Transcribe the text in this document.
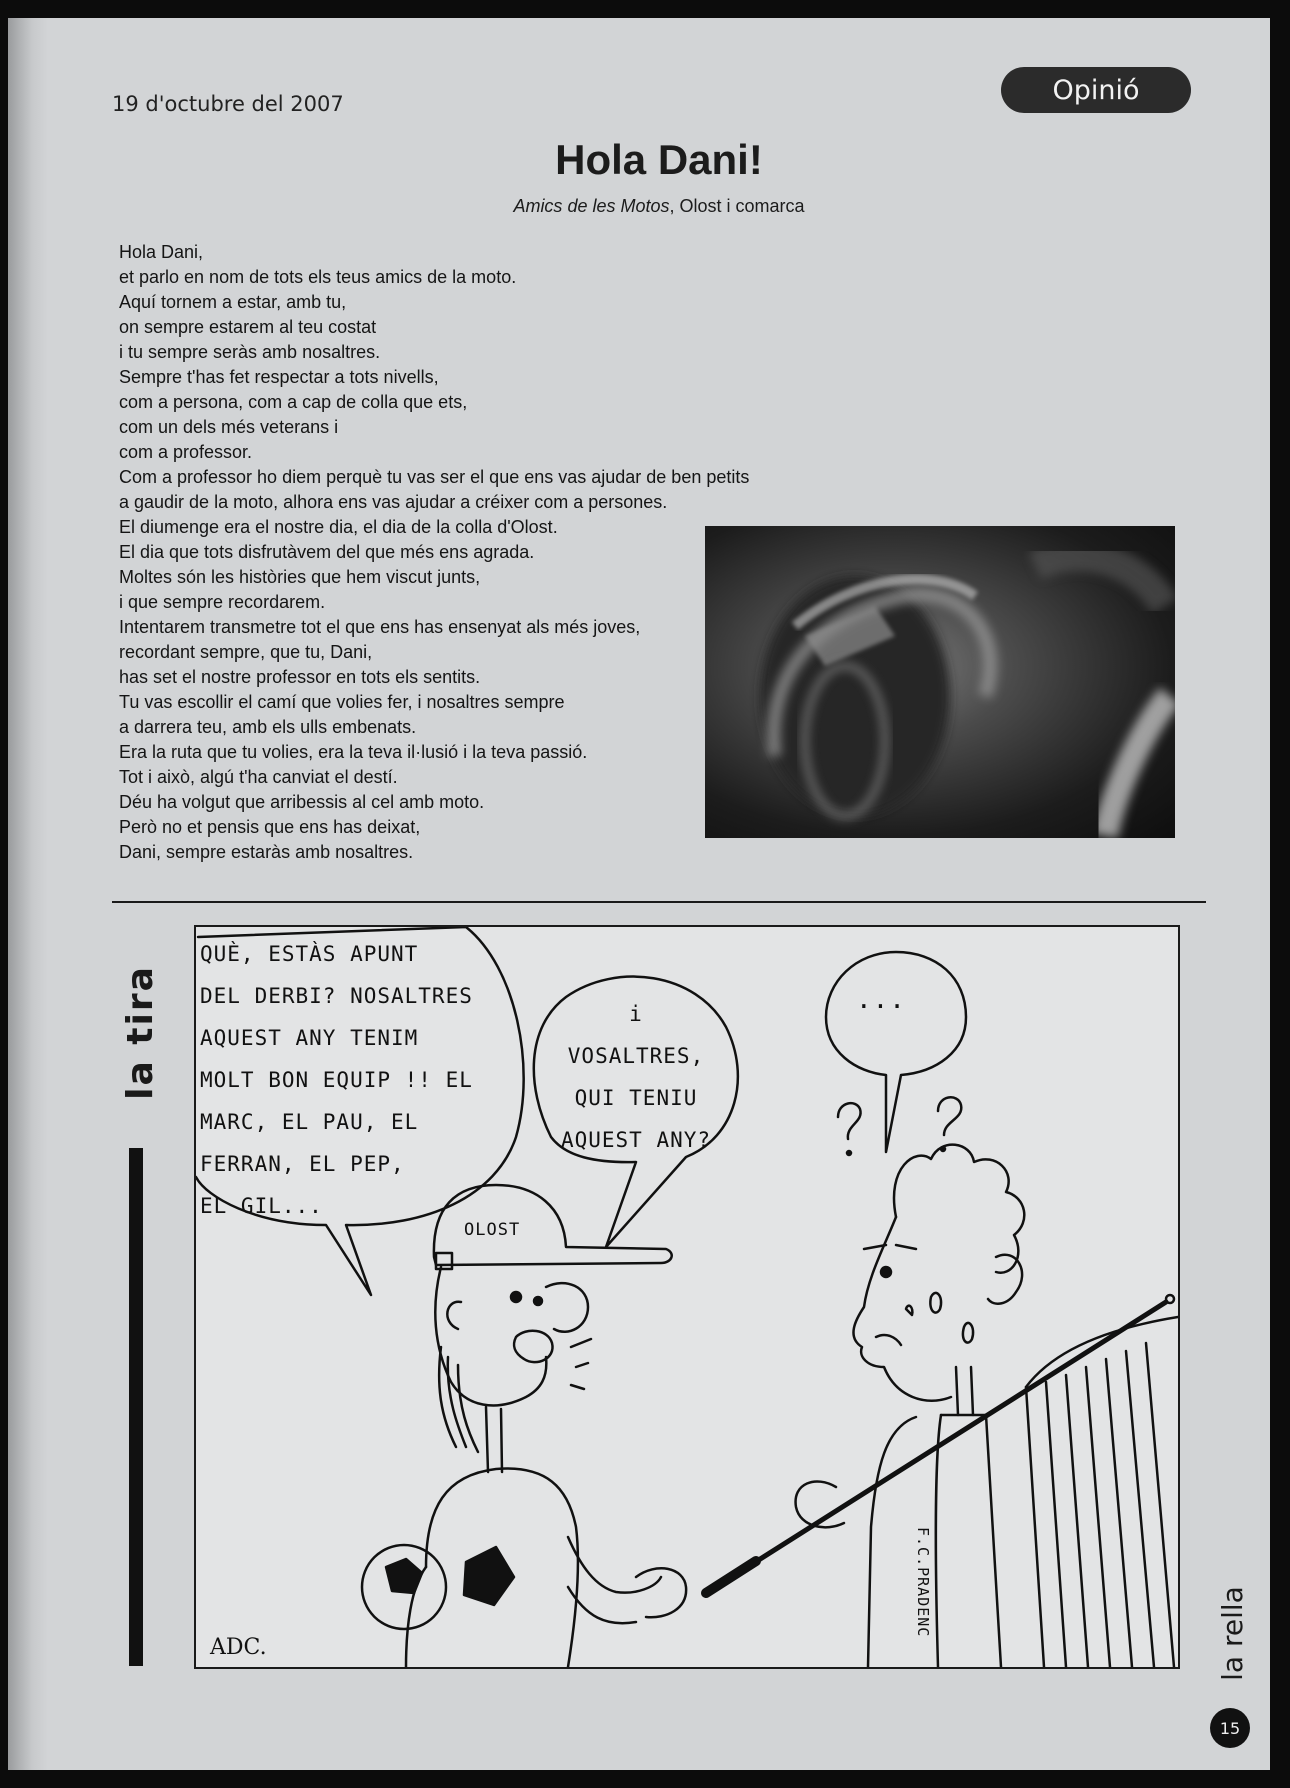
19 d'octubre del 2007	Opinió
Hola Dani!
Amics de les Motos, Olost i comarca
Hola Dani,
et parlo en nom de tots els teus amics de la moto.
Aquí tornem a estar, amb tu,
on sempre estarem al teu costat
i tu sempre seràs amb nosaltres.
Sempre t'has fet respectar a tots nivells,
com a persona, com a cap de colla que ets,
com un dels més veterans i
com a professor.
Com a professor ho diem perquè tu vas ser el que ens vas ajudar de ben petits
a gaudir de la moto, alhora ens vas ajudar a créixer com a persones.
El diumenge era el nostre dia, el dia de la colla d'Olost.
El dia que tots disfrutàvem del que més ens agrada.
Moltes són les històries que hem viscut junts,
i que sempre recordarem.
Intentarem transmetre tot el que ens has ensenyat als més joves,
recordant sempre, que tu, Dani,
has set el nostre professor en tots els sentits.
Tu vas escollir el camí que volies fer, i nosaltres sempre
a darrera teu, amb els ulls embenats.
Era la ruta que tu volies, era la teva il·lusió i la teva passió.
Tot i això, algú t'ha canviat el destí.
Déu ha volgut que arribessis al cel amb moto.
Però no et pensis que ens has deixat,
Dani, sempre estaràs amb nosaltres.
la tira
QUÈ, ESTÀS APUNT
DEL DERBI? NOSALTRES
AQUEST ANY TENIM
MOLT BON EQUIP !! EL
MARC, EL PAU, EL
FERRAN, EL PEP,
EL GIL...
i
VOSALTRES,
QUI TENIU
AQUEST ANY?
...
OLOST
F.C.PRADENC
ADC.	la rella
15
